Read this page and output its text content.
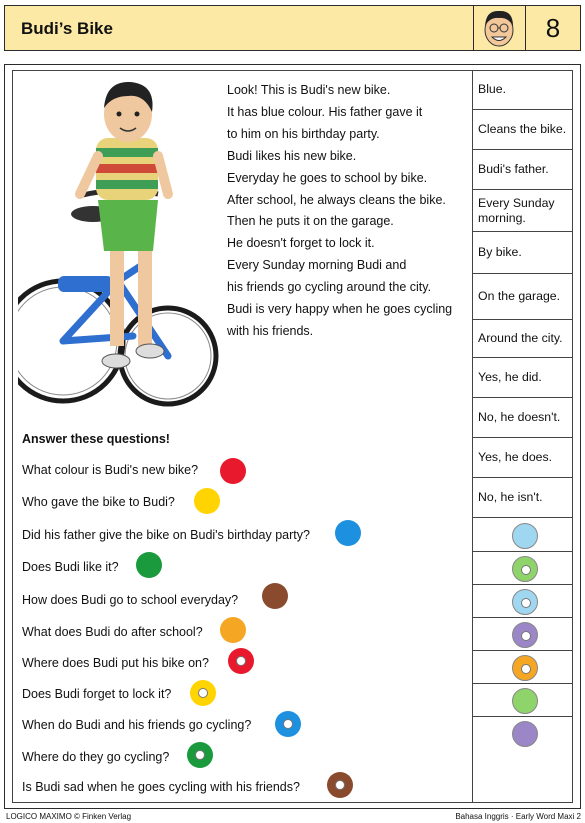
Budi’s Bike	8
Look! This is Budi's new bike.
It has blue colour. His father gave it
to him on his birthday party.
Budi likes his new bike.
Everyday he goes to school by bike.
After school, he always cleans the bike.
Then he puts it on the garage.
He doesn't forget to lock it.
Every Sunday morning Budi and
his friends go cycling around the city.
Budi is very happy when he goes cycling
with his friends.
Blue.
Cleans the bike.
Budi's father.
Every Sunday morning.
By bike.
On the garage.
Around the city.
Yes, he did.
No, he doesn't.
Yes, he does.
No, he isn't.
Answer these questions!
What colour is Budi's new bike?
Who gave the bike to Budi?
Did his father give the bike on Budi's birthday party?
Does Budi like it?
How does Budi go to school everyday?
What does Budi do after school?
Where does Budi put his bike on?
Does Budi forget to lock it?
When do Budi and his friends go cycling?
Where do they go cycling?
Is Budi sad when he goes cycling with his friends?
LOGICO MAXIMO © Finken Verlag	Bahasa Inggris · Early Word Maxi 2
